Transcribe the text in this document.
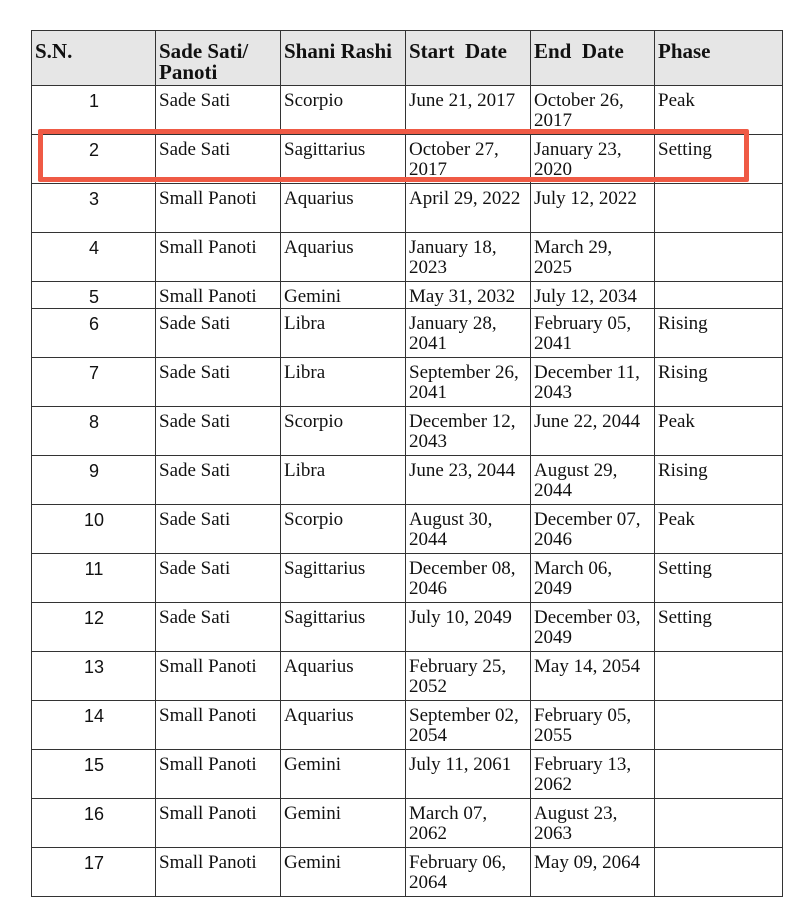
S.N.	Sade Sati/ Panoti	Shani Rashi	Start  Date	End  Date	Phase
1	Sade Sati	Scorpio	June 21, 2017	October 26, 2017	Peak
2	Sade Sati	Sagittarius	October 27, 2017	January 23, 2020	Setting
3	Small Panoti	Aquarius	April 29, 2022	July 12, 2022	
4	Small Panoti	Aquarius	January 18, 2023	March 29, 2025	
5	Small Panoti	Gemini	May 31, 2032	July 12, 2034	
6	Sade Sati	Libra	January 28, 2041	February 05, 2041	Rising
7	Sade Sati	Libra	September 26, 2041	December 11, 2043	Rising
8	Sade Sati	Scorpio	December 12, 2043	June 22, 2044	Peak
9	Sade Sati	Libra	June 23, 2044	August 29, 2044	Rising
10	Sade Sati	Scorpio	August 30, 2044	December 07, 2046	Peak
11	Sade Sati	Sagittarius	December 08, 2046	March 06, 2049	Setting
12	Sade Sati	Sagittarius	July 10, 2049	December 03, 2049	Setting
13	Small Panoti	Aquarius	February 25, 2052	May 14, 2054	
14	Small Panoti	Aquarius	September 02, 2054	February 05, 2055	
15	Small Panoti	Gemini	July 11, 2061	February 13, 2062	
16	Small Panoti	Gemini	March 07, 2062	August 23, 2063	
17	Small Panoti	Gemini	February 06, 2064	May 09, 2064	
